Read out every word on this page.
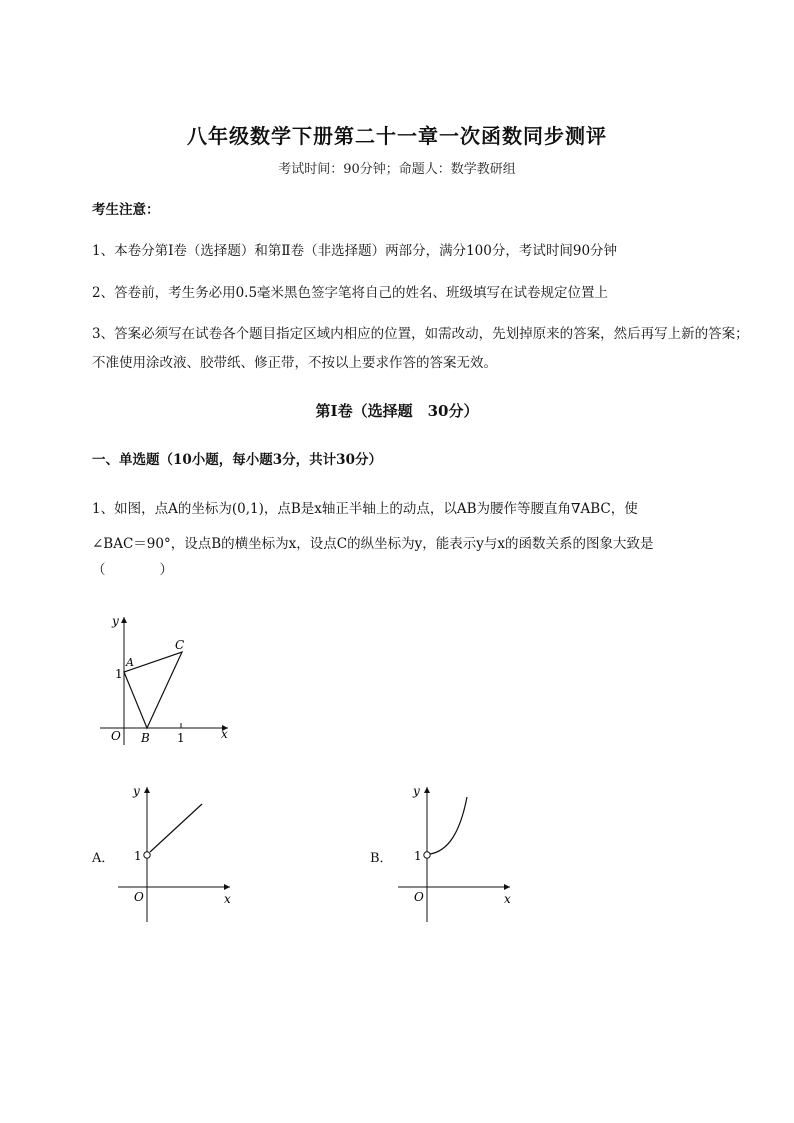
八年级数学下册第二十一章一次函数同步测评
考试时间：90分钟；命题人：数学教研组
考生注意：
1、本卷分第I卷（选择题）和第Ⅱ卷（非选择题）两部分，满分100分，考试时间90分钟
2、答卷前，考生务必用0.5毫米黑色签字笔将自己的姓名、班级填写在试卷规定位置上
3、答案必须写在试卷各个题目指定区域内相应的位置，如需改动，先划掉原来的答案，然后再写上新的答案；不准使用涂改液、胶带纸、修正带，不按以上要求作答的答案无效。
第I卷（选择题　30分）
一、单选题（10小题，每小题3分，共计30分）
1、如图，点A的坐标为(0,1)，点B是x轴正半轴上的动点，以AB为腰作等腰直角∇ABC，使
∠BAC＝90°，设点B的横坐标为x，设点C的纵坐标为y，能表示y与x的函数关系的图象大致是
（　　　　）
y
x
O
A
B
C
1
1
A．
y
x
O
1	B．
y
x
O
1
